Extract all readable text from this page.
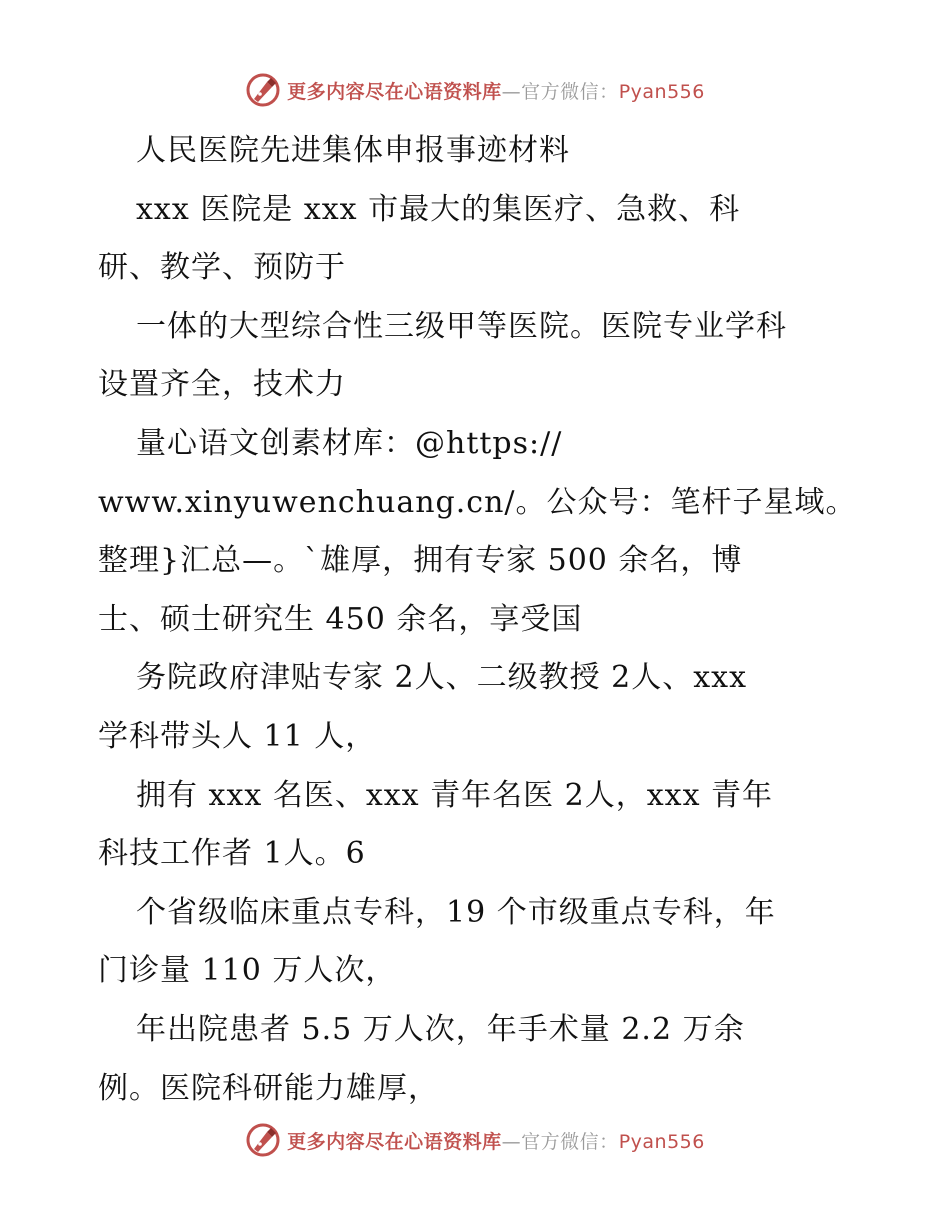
更多内容尽在心语资料库—官方微信：Pyan556
人民医院先进集体申报事迹材料
xxx 医院是 xxx 市最大的集医疗、急救、科
研、教学、预防于
一体的大型综合性三级甲等医院。医院专业学科
设置齐全，技术力
量心语文创素材库：@https://
www.xinyuwenchuang.cn/。公众号：笔杆子星域。
整理}汇总—。`雄厚，拥有专家 500 余名，博
士、硕士研究生 450 余名，享受国
务院政府津贴专家 2人、二级教授 2人、xxx
学科带头人 11 人，
拥有 xxx 名医、xxx 青年名医 2人，xxx 青年
科技工作者 1人。6
个省级临床重点专科，19 个市级重点专科，年
门诊量 110 万人次，
年出院患者 5.5 万人次，年手术量 2.2 万余
例。医院科研能力雄厚，
更多内容尽在心语资料库—官方微信：Pyan556
